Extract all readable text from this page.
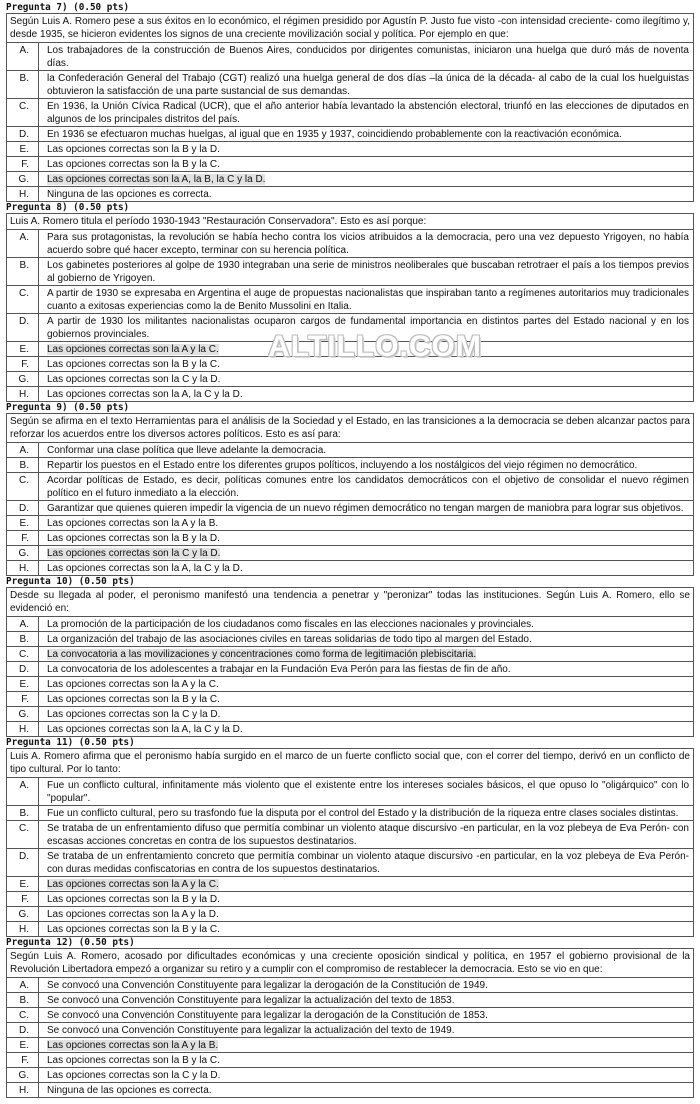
Pregunta 7) (0.50 pts)
Según Luis A. Romero pese a sus éxitos en lo económico, el régimen presidido por Agustín P. Justo fue visto -con intensidad creciente- como ilegítimo y, desde 1935, se hicieron evidentes los signos de una creciente movilización social y política. Por ejemplo en que:
A.	Los trabajadores de la construcción de Buenos Aires, conducidos por dirigentes comunistas, iniciaron una huelga que duró más de noventa días.
B.	la Confederación General del Trabajo (CGT) realizó una huelga general de dos días –la única de la década- al cabo de la cual los huelguistas obtuvieron la satisfacción de una parte sustancial de sus demandas.
C.	En 1936, la Unión Cívica Radical (UCR), que el año anterior había levantado la abstención electoral, triunfó en las elecciones de diputados en algunos de los principales distritos del país.
D.	En 1936 se efectuaron muchas huelgas, al igual que en 1935 y 1937, coincidiendo probablemente con la reactivación económica.
E.	Las opciones correctas son la B y la D.
F.	Las opciones correctas son la B y la C.
G.	Las opciones correctas son la A, la B, la C y la D.
H.	Ninguna de las opciones es correcta.
Pregunta 8) (0.50 pts)
Luis A. Romero titula el período 1930-1943 "Restauración Conservadora". Esto es así porque:
A.	Para sus protagonistas, la revolución se había hecho contra los vicios atribuidos a la democracia, pero una vez depuesto Yrigoyen, no había acuerdo sobre qué hacer excepto, terminar con su herencia política.
B.	Los gabinetes posteriores al golpe de 1930 integraban una serie de ministros neoliberales que buscaban retrotraer el país a los tiempos previos al gobierno de Yrigoyen.
C.	A partir de 1930 se expresaba en Argentina el auge de propuestas nacionalistas que inspiraban tanto a regímenes autoritarios muy tradicionales cuanto a exitosas experiencias como la de Benito Mussolini en Italia.
D.	A partir de 1930 los militantes nacionalistas ocuparon cargos de fundamental importancia en distintos partes del Estado nacional y en los gobiernos provinciales.
E.	Las opciones correctas son la A y la C.
F.	Las opciones correctas son la B y la C.
G.	Las opciones correctas son la C y la D.
H.	Las opciones correctas son la A, la C y la D.
Pregunta 9) (0.50 pts)
Según se afirma en el texto Herramientas para el análisis de la Sociedad y el Estado, en las transiciones a la democracia se deben alcanzar pactos para reforzar los acuerdos entre los diversos actores políticos. Esto es así para:
A.	Conformar una clase política que lleve adelante la democracia.
B.	Repartir los puestos en el Estado entre los diferentes grupos políticos, incluyendo a los nostálgicos del viejo régimen no democrático.
C.	Acordar políticas de Estado, es decir, políticas comunes entre los candidatos democráticos con el objetivo de consolidar el nuevo régimen político en el futuro inmediato a la elección.
D.	Garantizar que quienes quieren impedir la vigencia de un nuevo régimen democrático no tengan margen de maniobra para lograr sus objetivos.
E.	Las opciones correctas son la A y la B.
F.	Las opciones correctas son la B y la D.
G.	Las opciones correctas son la C y la D.
H.	Las opciones correctas son la A, la C y la D.
Pregunta 10) (0.50 pts)
Desde su llegada al poder, el peronismo manifestó una tendencia a penetrar y "peronizar" todas las instituciones. Según Luis A. Romero, ello se evidenció en:
A.	La promoción de la participación de los ciudadanos como fiscales en las elecciones nacionales y provinciales.
B.	La organización del trabajo de las asociaciones civiles en tareas solidarias de todo tipo al margen del Estado.
C.	La convocatoria a las movilizaciones y concentraciones como forma de legitimación plebiscitaria.
D.	La convocatoria de los adolescentes a trabajar en la Fundación Eva Perón para las fiestas de fin de año.
E.	Las opciones correctas son la A y la C.
F.	Las opciones correctas son la B y la C.
G.	Las opciones correctas son la C y la D.
H.	Las opciones correctas son la A, la C y la D.
Pregunta 11) (0.50 pts)
Luis A. Romero afirma que el peronismo había surgido en el marco de un fuerte conflicto social que, con el correr del tiempo, derivó en un conflicto de tipo cultural. Por lo tanto:
A.	Fue un conflicto cultural, infinitamente más violento que el existente entre los intereses sociales básicos, el que opuso lo "oligárquico" con lo "popular".
B.	Fue un conflicto cultural, pero su trasfondo fue la disputa por el control del Estado y la distribución de la riqueza entre clases sociales distintas.
C.	Se trataba de un enfrentamiento difuso que permitía combinar un violento ataque discursivo -en particular, en la voz plebeya de Eva Perón- con escasas acciones concretas en contra de los supuestos destinatarios.
D.	Se trataba de un enfrentamiento concreto que permitía combinar un violento ataque discursivo -en particular, en la voz plebeya de Eva Perón- con duras medidas confiscatorias en contra de los supuestos destinatarios.
E.	Las opciones correctas son la A y la C.
F.	Las opciones correctas son la B y la D.
G.	Las opciones correctas son la A y la D.
H.	Las opciones correctas son la B y la C.
Pregunta 12) (0.50 pts)
Según Luis A. Romero, acosado por dificultades económicas y una creciente oposición sindical y política, en 1957 el gobierno provisional de la Revolución Libertadora empezó a organizar su retiro y a cumplir con el compromiso de restablecer la democracia. Esto se vio en que:
A.	Se convocó una Convención Constituyente para legalizar la derogación de la Constitución de 1949.
B.	Se convocó una Convención Constituyente para legalizar la actualización del texto de 1853.
C.	Se convocó una Convención Constituyente para legalizar la derogación de la Constitución de 1853.
D.	Se convocó una Convención Constituyente para legalizar la actualización del texto de 1949.
E.	Las opciones correctas son la A y la B.
F.	Las opciones correctas son la B y la C.
G.	Las opciones correctas son la C y la D.
H.	Ninguna de las opciones es correcta.
ALTILLO.COM
